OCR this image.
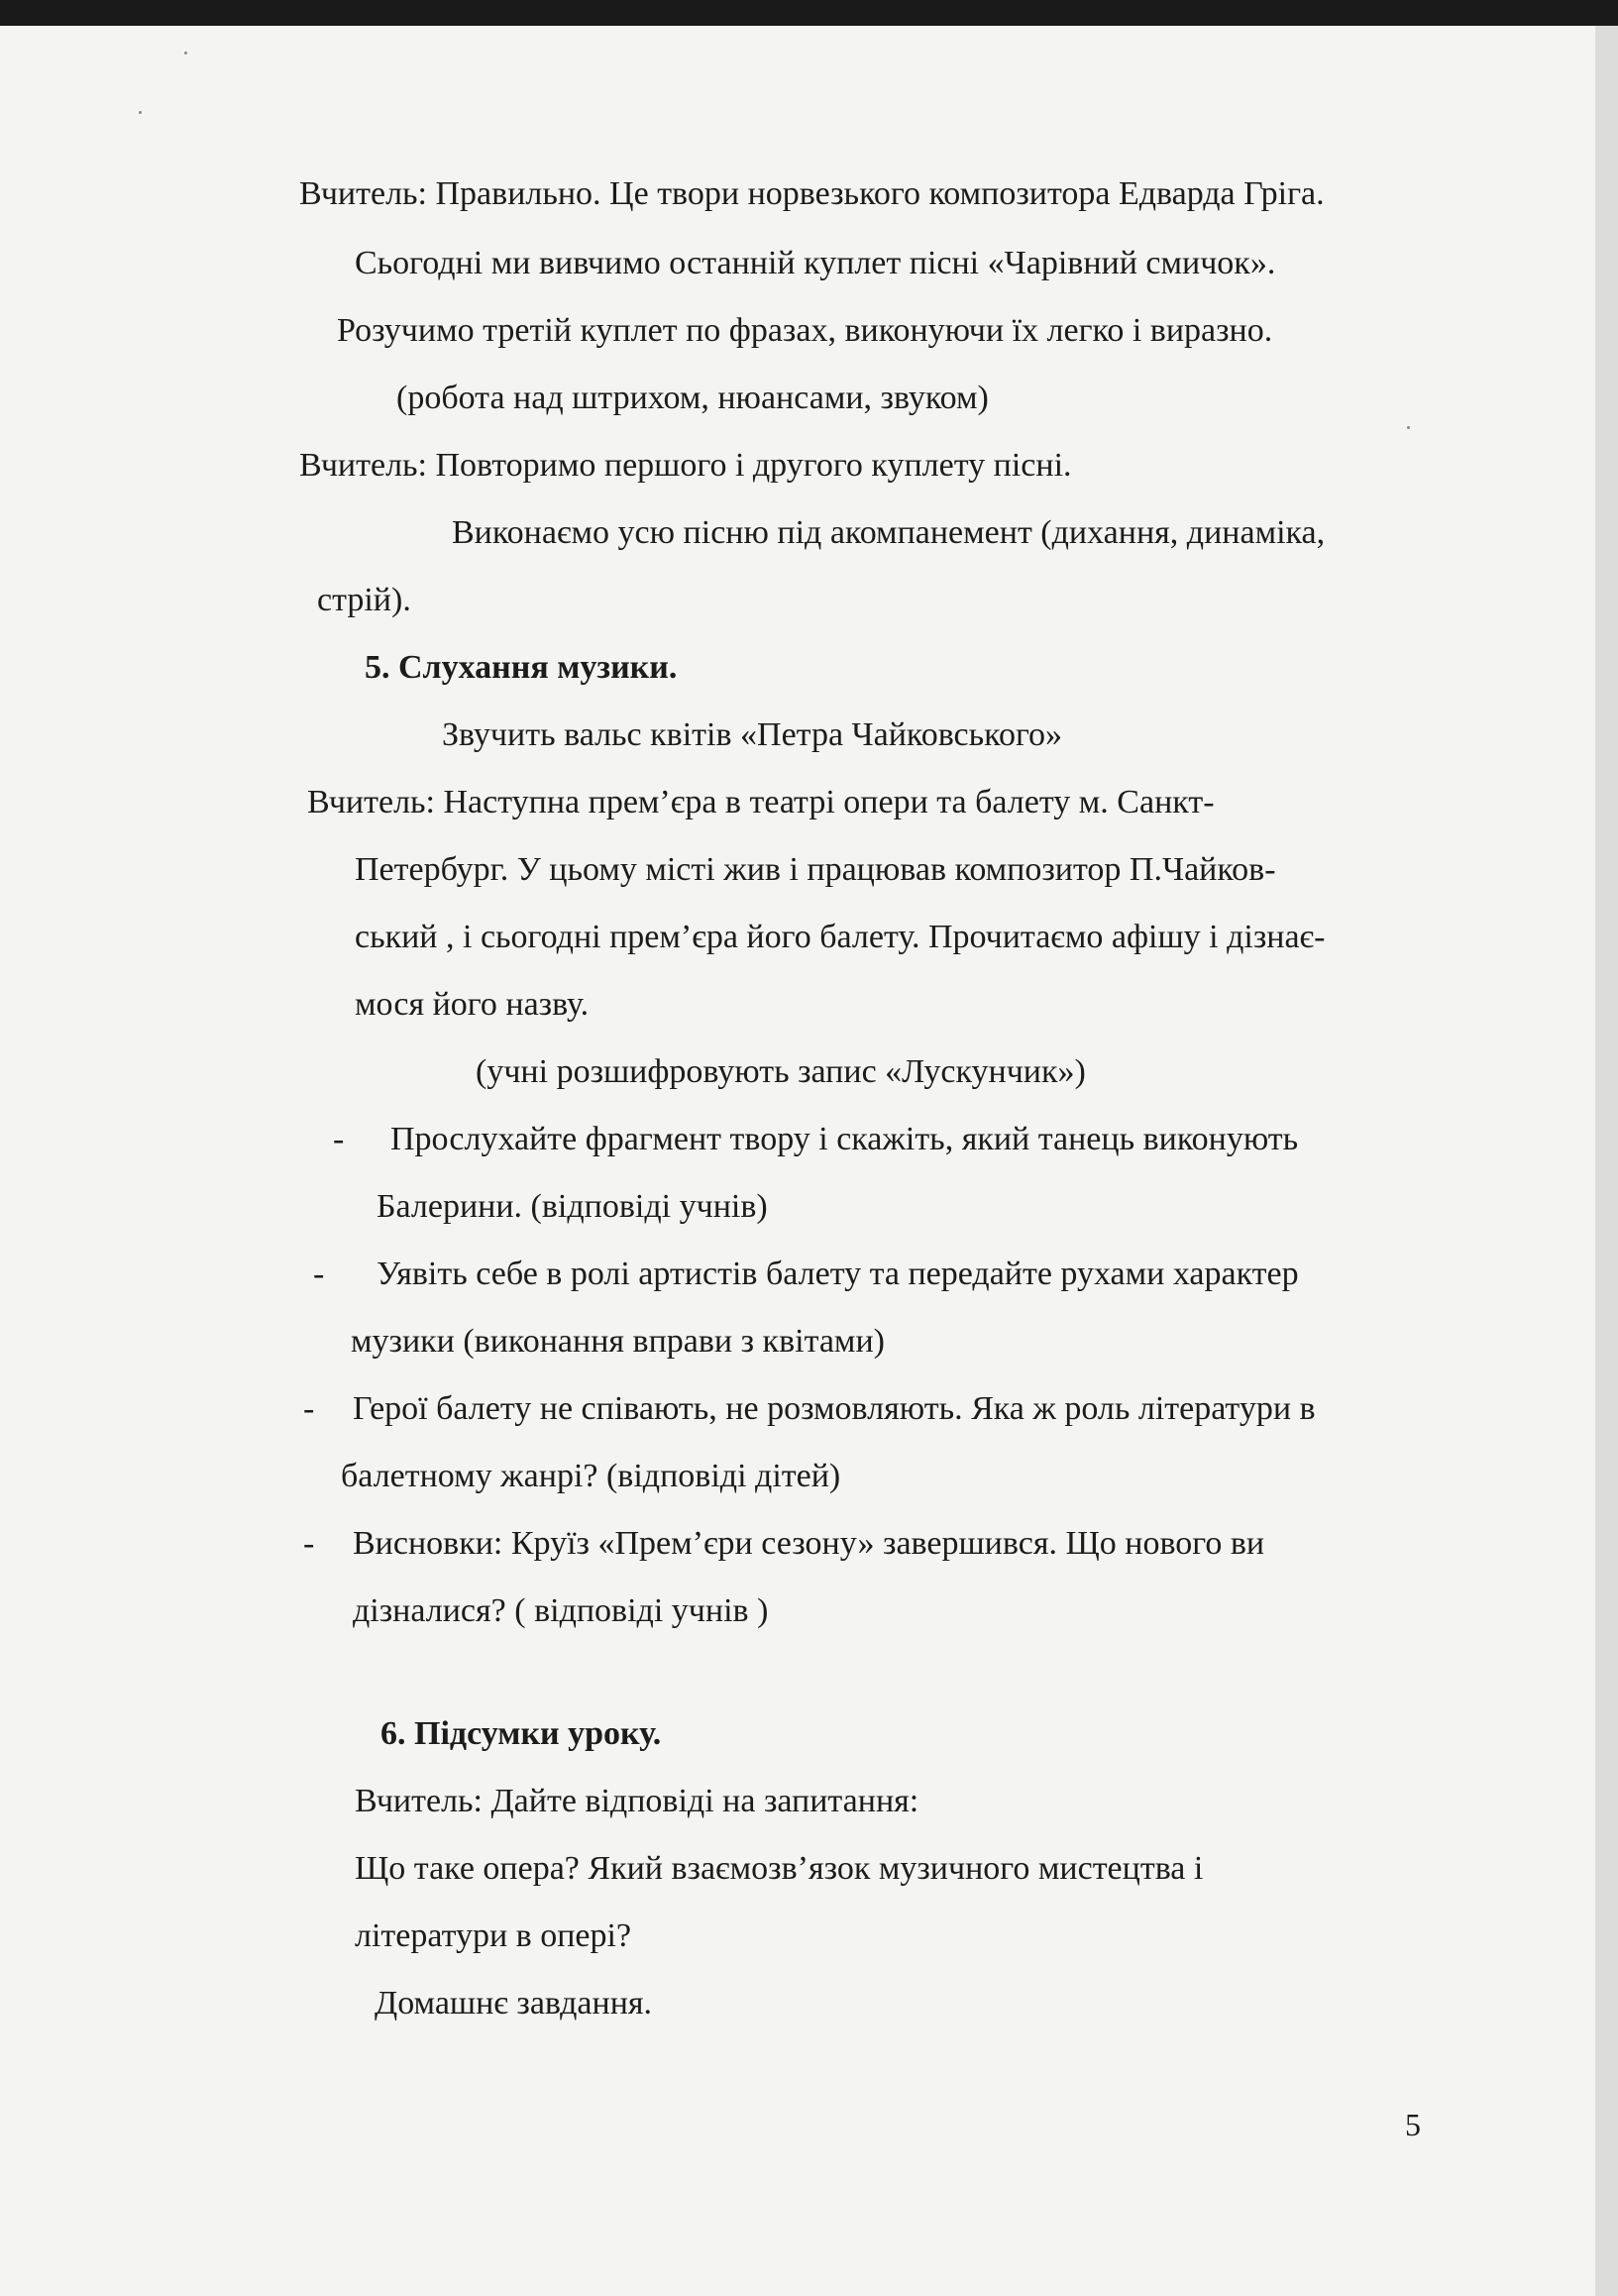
Вчитель: Правильно. Це твори норвезького композитора Едварда Гріга.
Сьогодні ми вивчимо останній куплет пісні «Чарівний смичок».
Розучимо третій куплет по фразах, виконуючи їх легко і виразно.
(робота над штрихом, нюансами, звуком)
Вчитель: Повторимо першого і другого куплету пісні.
Виконаємо усю пісню під акомпанемент (дихання, динаміка,
стрій).
5. Слухання музики.
Звучить вальс квітів «Петра Чайковського»
Вчитель: Наступна прем’єра в театрі опери та балету м. Санкт-
Петербург. У цьому місті жив і працював композитор П.Чайков-
ський , і сьогодні прем’єра його балету. Прочитаємо афішу і дізнає-
мося його назву.
(учні розшифровують запис «Лускунчик»)
- Прослухайте фрагмент твору і скажіть, який танець виконують
Балерини. (відповіді учнів)
- Уявіть себе в ролі артистів балету та передайте рухами характер
музики (виконання вправи з квітами)
- Герої балету не співають, не розмовляють. Яка ж роль літератури в
балетному жанрі? (відповіді дітей)
- Висновки: Круїз «Прем’єри сезону» завершився. Що нового ви
дізналися? ( відповіді учнів )
6. Підсумки уроку.
Вчитель: Дайте відповіді на запитання:
Що таке опера? Який взаємозв’язок музичного мистецтва і
літератури в опері?
Домашнє завдання.
5
